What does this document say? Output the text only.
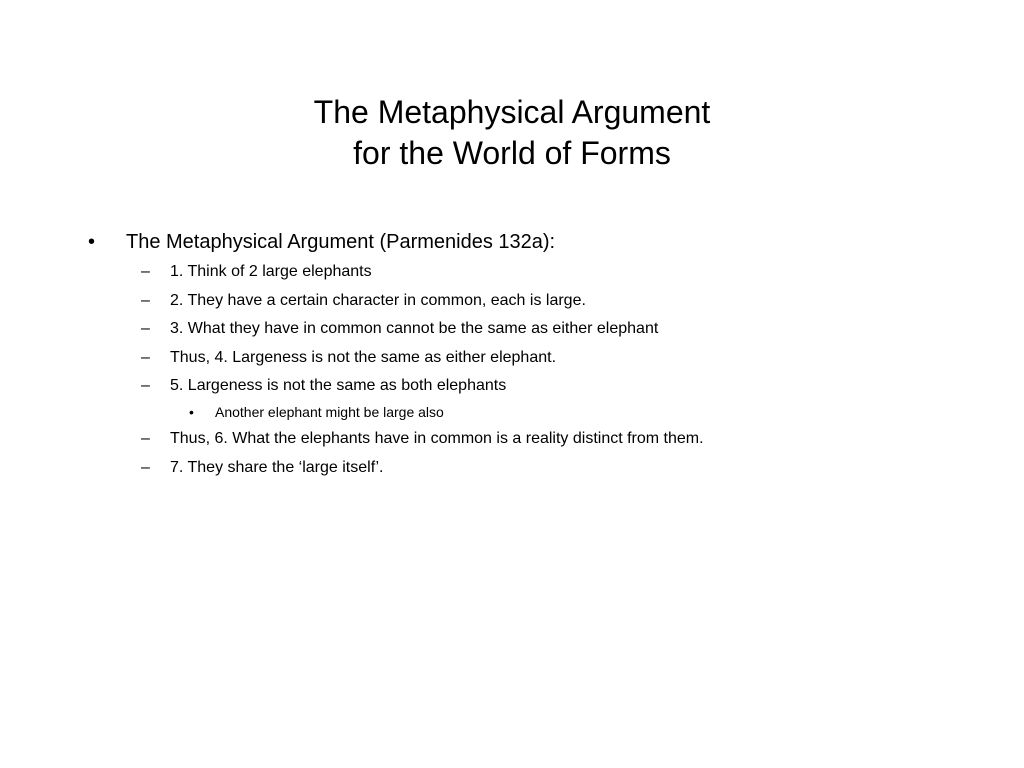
The Metaphysical Argument
for the World of Forms
• The Metaphysical Argument (Parmenides 132a):
– 1. Think of 2 large elephants
– 2. They have a certain character in common, each is large.
– 3. What they have in common cannot be the same as either elephant
– Thus, 4. Largeness is not the same as either elephant.
– 5. Largeness is not the same as both elephants
• Another elephant might be large also
– Thus, 6. What the elephants have in common is a reality distinct from them.
– 7. They share the ‘large itself’.
